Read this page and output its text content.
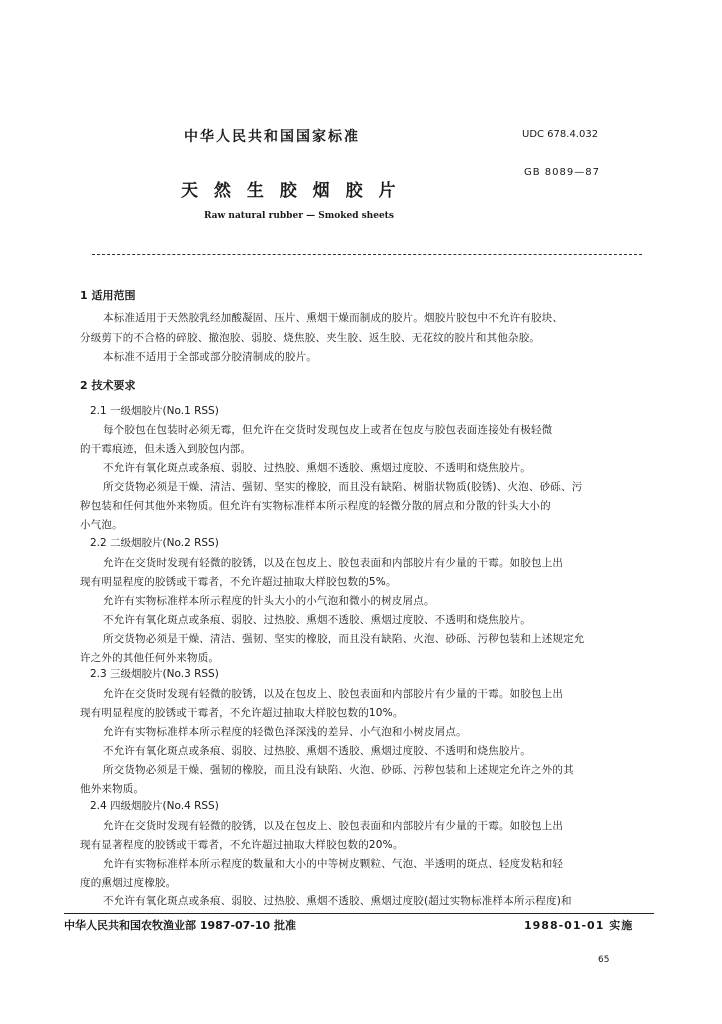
中华人民共和国国家标准	UDC 678.4.032
天 然 生 胶 烟 胶 片
GB 8089—87
Raw natural rubber — Smoked sheets
1 适用范围
本标准适用于天然胶乳经加酸凝固、压片、熏烟干燥而制成的胶片。烟胶片胶包中不允许有胶块、
分级剪下的不合格的碎胶、撤泡胶、弱胶、烧焦胶、夹生胶、返生胶、无花纹的胶片和其他杂胶。
本标准不适用于全部或部分胶清制成的胶片。
2 技术要求
2.1 一级烟胶片(No.1 RSS)
每个胶包在包装时必须无霉，但允许在交货时发现包皮上或者在包皮与胶包表面连接处有极轻微
的干霉痕迹，但未透入到胶包内部。
不允许有氧化斑点或条痕、弱胶、过热胶、熏烟不透胶、熏烟过度胶、不透明和烧焦胶片。
所交货物必须是干燥、清洁、强韧、坚实的橡胶，而且没有缺陷、树脂状物质(胶锈)、火泡、砂砾、污
秽包装和任何其他外来物质。但允许有实物标准样本所示程度的轻微分散的屑点和分散的针头大小的
小气泡。
2.2 二级烟胶片(No.2 RSS)
允许在交货时发现有轻微的胶锈，以及在包皮上、胶包表面和内部胶片有少量的干霉。如胶包上出
现有明显程度的胶锈或干霉者，不允许超过抽取大样胶包数的5%。
允许有实物标准样本所示程度的针头大小的小气泡和微小的树皮屑点。
不允许有氧化斑点或条痕、弱胶、过热胶、熏烟不透胶、熏烟过度胶、不透明和烧焦胶片。
所交货物必须是干燥、清洁、强韧、坚实的橡胶，而且没有缺陷、火泡、砂砾、污秽包装和上述规定允
许之外的其他任何外来物质。
2.3 三级烟胶片(No.3 RSS)
允许在交货时发现有轻微的胶锈，以及在包皮上、胶包表面和内部胶片有少量的干霉。如胶包上出
现有明显程度的胶锈或干霉者，不允许超过抽取大样胶包数的10%。
允许有实物标准样本所示程度的轻微色泽深浅的差异、小气泡和小树皮屑点。
不允许有氧化斑点或条痕、弱胶、过热胶、熏烟不透胶、熏烟过度胶、不透明和烧焦胶片。
所交货物必须是干燥、强韧的橡胶，而且没有缺陷、火泡、砂砾、污秽包装和上述规定允许之外的其
他外来物质。
2.4 四级烟胶片(No.4 RSS)
允许在交货时发现有轻微的胶锈，以及在包皮上、胶包表面和内部胶片有少量的干霉。如胶包上出
现有显著程度的胶锈或干霉者，不允许超过抽取大样胶包数的20%。
允许有实物标准样本所示程度的数量和大小的中等树皮颗粒、气泡、半透明的斑点、轻度发粘和轻
度的熏烟过度橡胶。
不允许有氧化斑点或条痕、弱胶、过热胶、熏烟不透胶、熏烟过度胶(超过实物标准样本所示程度)和
中华人民共和国农牧渔业部 1987-07-10 批准	1988-01-01 实施
65
